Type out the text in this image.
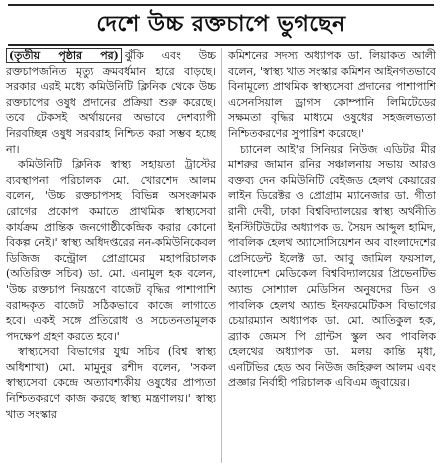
দেশে উচ্চ রক্তচাপে ভুগছেন

(তৃতীয় পৃষ্ঠার পর) ঝুঁকি এবং উচ্চ রক্তচাপজনিত মৃত্যু ক্রমবর্ধমান হারে বাড়ছে। সরকার এরই মধ্যে কমিউনিটি ক্লিনিক থেকে উচ্চ রক্তচাপের ওষুধ প্রদানের প্রক্রিয়া শুরু করেছে। তবে টেকসই অর্থায়নের অভাবে দেশব্যাপী নিরবচ্ছিন্ন ওষুধ সরবরাহ নিশ্চিত করা সম্ভব হচ্ছে না।

কমিউনিটি ক্লিনিক স্বাস্থ্য সহায়তা ট্রাস্টের ব্যবস্থাপনা পরিচালক মো. খোরশেদ আলম বলেন, 'উচ্চ রক্তচাপসহ বিভিন্ন অসংক্রামক রোগের প্রকোপ কমাতে প্রাথমিক স্বাস্থ্যসেবা কার্যক্রম প্রান্তিক জনগোষ্ঠীকেন্দ্রিক করার কোনো বিকল্প নেই।' স্বাস্থ্য অধিদপ্তরের নন-কমিউনিকেবল ডিজিজ কন্ট্রোল প্রোগ্রামের মহাপরিচালক (অতিরিক্ত সচিব) ডা. মো. এনামুল হক বলেন, 'উচ্চ রক্তচাপ নিয়ন্ত্রণে বাজেট বৃদ্ধির পাশাপাশি বরাদ্দকৃত বাজেট সঠিকভাবে কাজে লাগাতে হবে। একই সঙ্গে প্রতিরোধ ও সচেতনতামূলক পদক্ষেপ গ্রহণ করতে হবে।'

স্বাস্থ্যসেবা বিভাগের যুগ্ম সচিব (বিশ্ব স্বাস্থ্য অধিশাখা) মো. মামুনুর রশীদ বলেন, 'সকল স্বাস্থ্যসেবা কেন্দ্রে অত্যাবশ্যকীয় ওষুধের প্রাপ্যতা নিশ্চিতকরণে কাজ করছে স্বাস্থ্য মন্ত্রণালয়।' স্বাস্থ্য খাত সংস্কার

কমিশনের সদস্য অধ্যাপক ডা. লিয়াকত আলী বলেন, 'স্বাস্থ্য খাত সংস্কার কমিশন আইনগতভাবে বিনামূল্যে প্রাথমিক স্বাস্থ্যসেবা প্রদানের পাশাপাশি এসেনসিয়াল ড্রাগস কোম্পানি লিমিটেডের সক্ষমতা বৃদ্ধির মাধ্যমে ওষুধের সহজলভ্যতা নিশ্চিতকরণের সুপারিশ করেছে।'

চ্যানেল আই'র সিনিয়র নিউজ এডিটর মীর মাশরুর জামান রনির সঞ্চালনায় সভায় আরও বক্তব্য দেন কমিউনিটি বেইজড হেলথ কেয়ারের লাইন ডিরেক্টর ও প্রোগ্রাম ম্যানেজার ডা. গীতা রানী দেবী, ঢাকা বিশ্ববিদ্যালয়ের স্বাস্থ্য অর্থনীতি ইনস্টিটিউটের অধ্যাপক ড. সৈয়দ আব্দুল হামিদ, পাবলিক হেলথ অ্যাসোসিয়েশন অব বাংলাদেশের প্রেসিডেন্ট ইলেক্ট ডা. আবু জামিল ফয়সাল, বাংলাদেশ মেডিকেল বিশ্ববিদ্যালয়ের প্রিভেনটিভ অ্যান্ড সোশ্যাল মেডিসিন অনুষদের ডিন ও পাবলিক হেলথ অ্যান্ড ইনফরমেটিকস বিভাগের চেয়ারম্যান অধ্যাপক ডা. মো. আতিকুল হক, ব্র্যাক জেমস পি গ্রান্টস স্কুল অব পাবলিক হেলথের অধ্যাপক ডা. মলয় কান্তি মৃধা, এনটিভির হেড অব নিউজ জহিরুল আলম এবং প্রজ্ঞার নির্বাহী পরিচালক এবিএম জুবায়ের।
